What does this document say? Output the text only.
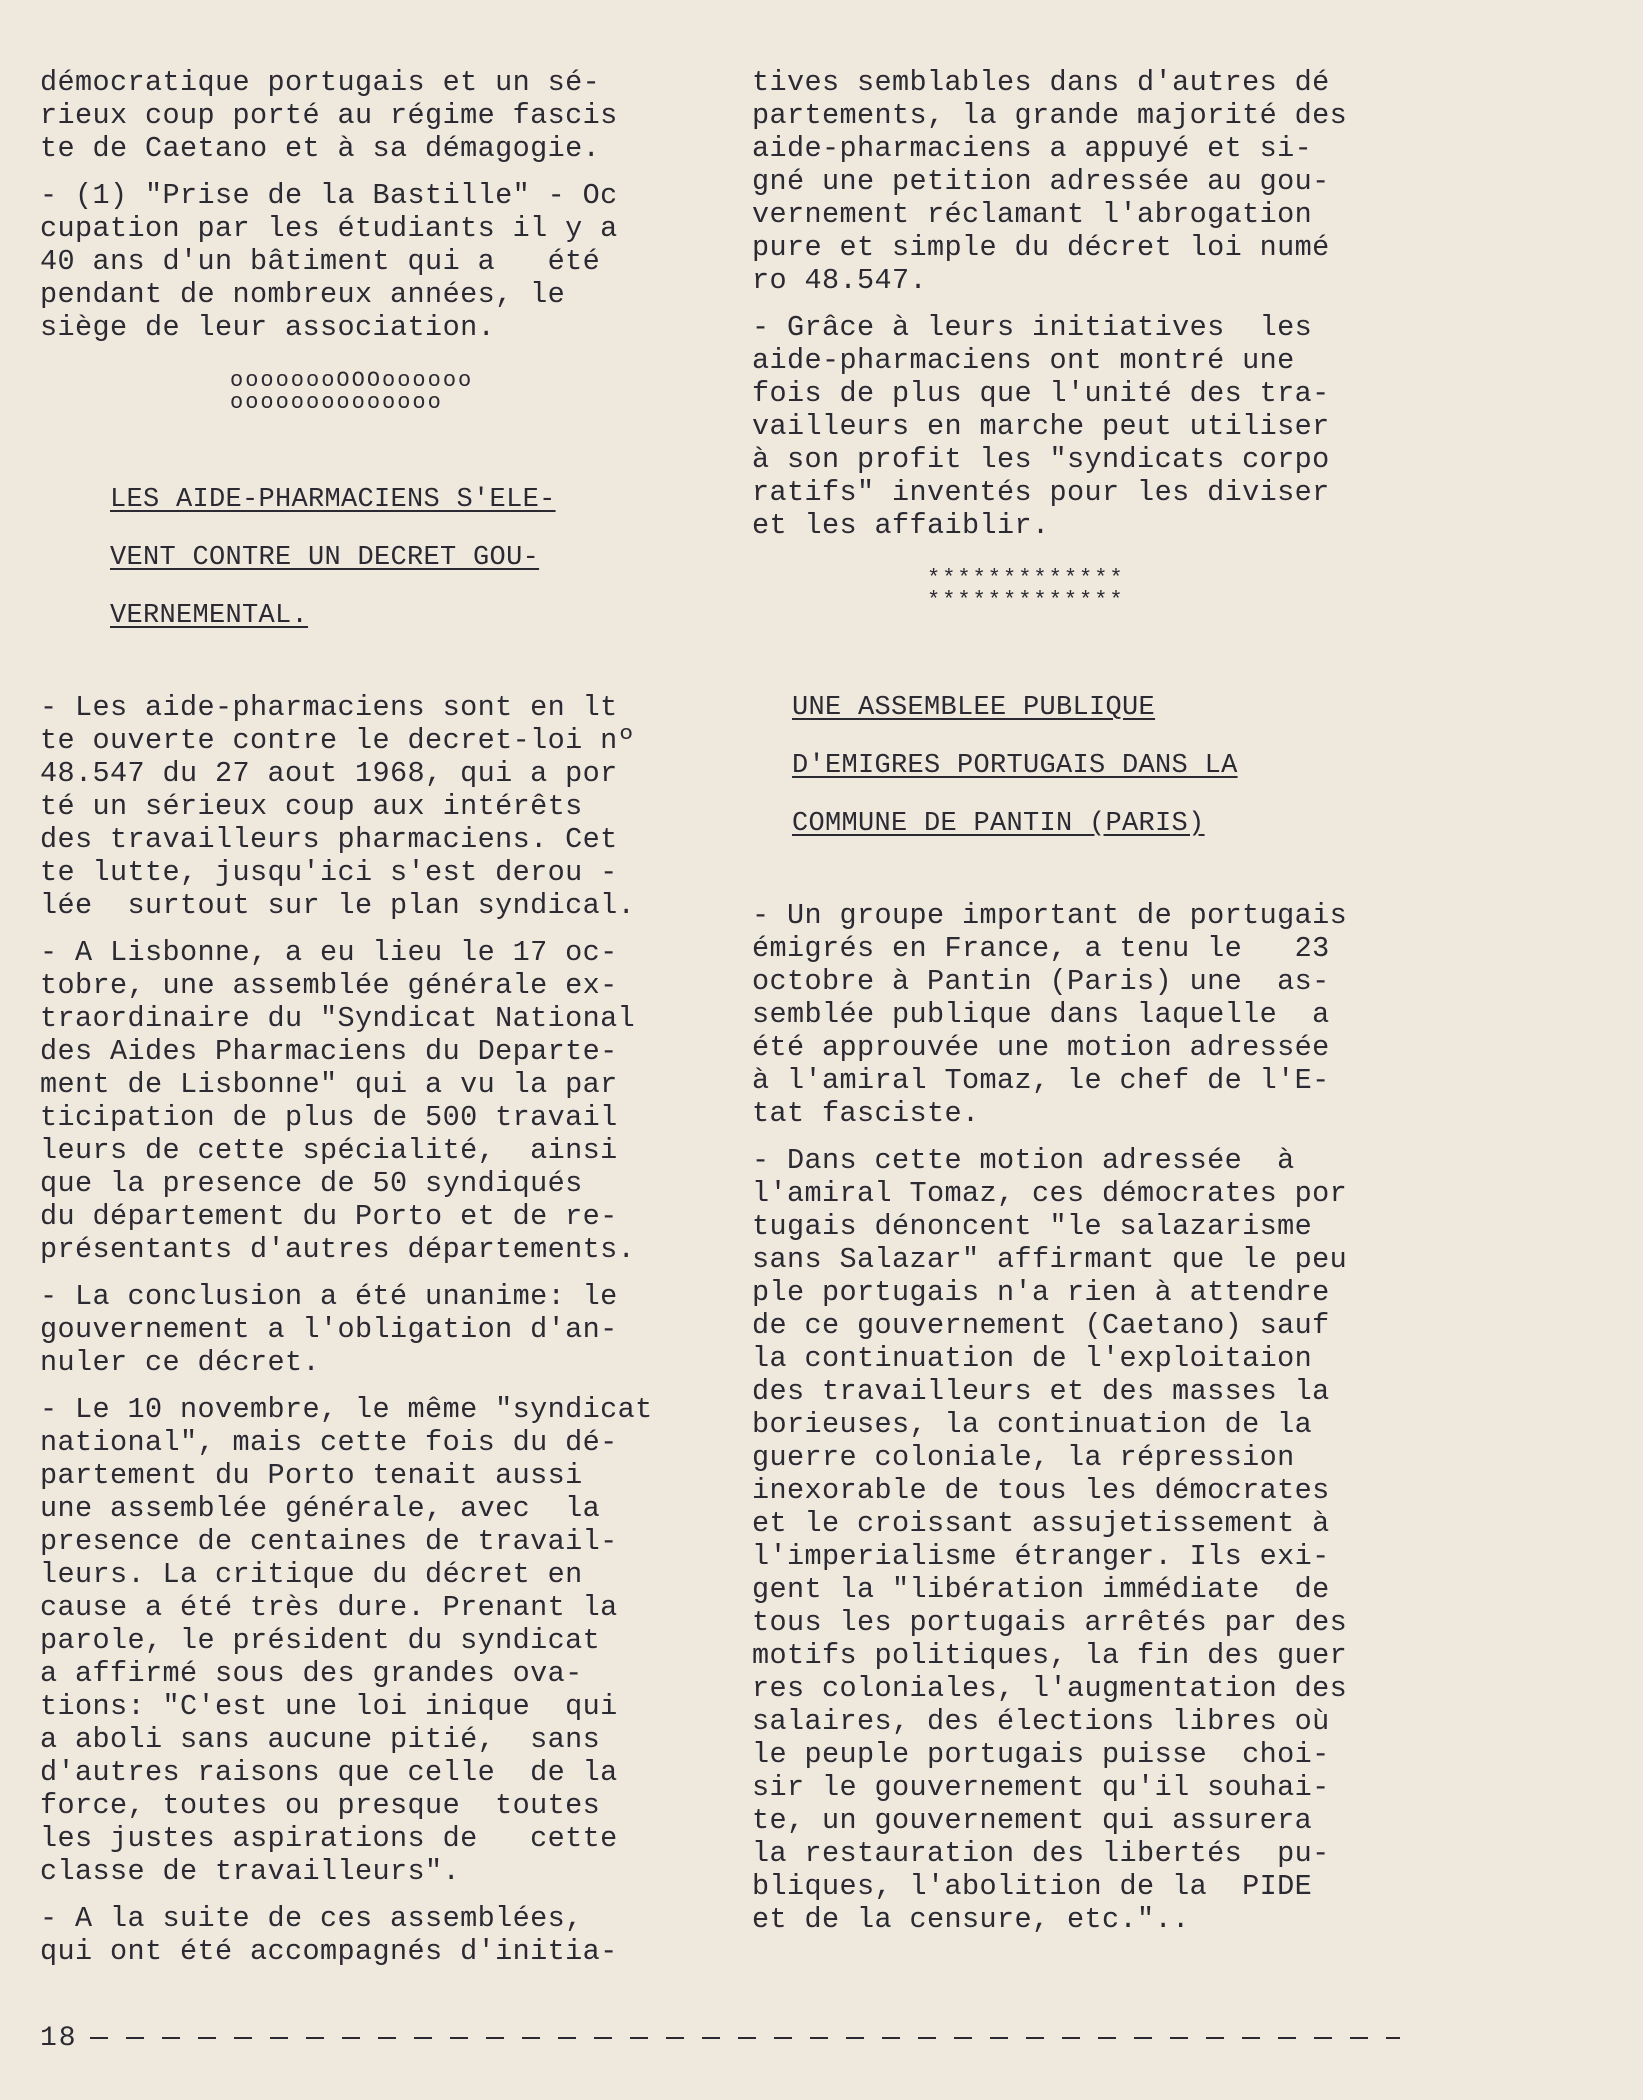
démocratique portugais et un sé-
rieux coup porté au régime fascis
te de Caetano et à sa démagogie.

- (1) "Prise de la Bastille" - Oc
cupation par les étudiants il y a
40 ans d'un bâtiment qui a   été
pendant de nombreux années, le
siège de leur association.

oooooooOOOoooooo
oooooooooooooo

LES AIDE-PHARMACIENS S'ELE-
VENT CONTRE UN DECRET GOU-
VERNEMENTAL.

- Les aide-pharmaciens sont en lt
te ouverte contre le decret-loi nº
48.547 du 27 aout 1968, qui a por
té un sérieux coup aux intérêts
des travailleurs pharmaciens. Cet
te lutte, jusqu'ici s'est derou -
lée  surtout sur le plan syndical.

- A Lisbonne, a eu lieu le 17 oc-
tobre, une assemblée générale ex-
traordinaire du "Syndicat National
des Aides Pharmaciens du Departe-
ment de Lisbonne" qui a vu la par
ticipation de plus de 500 travail
leurs de cette spécialité,  ainsi
que la presence de 50 syndiqués
du département du Porto et de re-
présentants d'autres départements.

- La conclusion a été unanime: le
gouvernement a l'obligation d'an-
nuler ce décret.

- Le 10 novembre, le même "syndicat
national", mais cette fois du dé-
partement du Porto tenait aussi
une assemblée générale, avec  la
presence de centaines de travail-
leurs. La critique du décret en
cause a été très dure. Prenant la
parole, le président du syndicat
a affirmé sous des grandes ova-
tions: "C'est une loi inique  qui
a aboli sans aucune pitié,  sans
d'autres raisons que celle  de la
force, toutes ou presque  toutes
les justes aspirations de   cette
classe de travailleurs".

- A la suite de ces assemblées,
qui ont été accompagnés d'initia-

tives semblables dans d'autres dé
partements, la grande majorité des
aide-pharmaciens a appuyé et si-
gné une petition adressée au gou-
vernement réclamant l'abrogation
pure et simple du décret loi numé
ro 48.547.

- Grâce à leurs initiatives  les
aide-pharmaciens ont montré une
fois de plus que l'unité des tra-
vailleurs en marche peut utiliser
à son profit les "syndicats corpo
ratifs" inventés pour les diviser
et les affaiblir.

*************
*************

UNE ASSEMBLEE PUBLIQUE
D'EMIGRES PORTUGAIS DANS LA
COMMUNE DE PANTIN (PARIS)

- Un groupe important de portugais
émigrés en France, a tenu le   23
octobre à Pantin (Paris) une  as-
semblée publique dans laquelle  a
été approuvée une motion adressée
à l'amiral Tomaz, le chef de l'E-
tat fasciste.

- Dans cette motion adressée  à
l'amiral Tomaz, ces démocrates por
tugais dénoncent "le salazarisme
sans Salazar" affirmant que le peu
ple portugais n'a rien à attendre
de ce gouvernement (Caetano) sauf
la continuation de l'exploitaion
des travailleurs et des masses la
borieuses, la continuation de la
guerre coloniale, la répression
inexorable de tous les démocrates
et le croissant assujetissement à
l'imperialisme étranger. Ils exi-
gent la "libération immédiate  de
tous les portugais arrêtés par des
motifs politiques, la fin des guer
res coloniales, l'augmentation des
salaires, des élections libres où
le peuple portugais puisse  choi-
sir le gouvernement qu'il souhai-
te, un gouvernement qui assurera
la restauration des libertés  pu-
bliques, l'abolition de la  PIDE
et de la censure, etc."..

18
